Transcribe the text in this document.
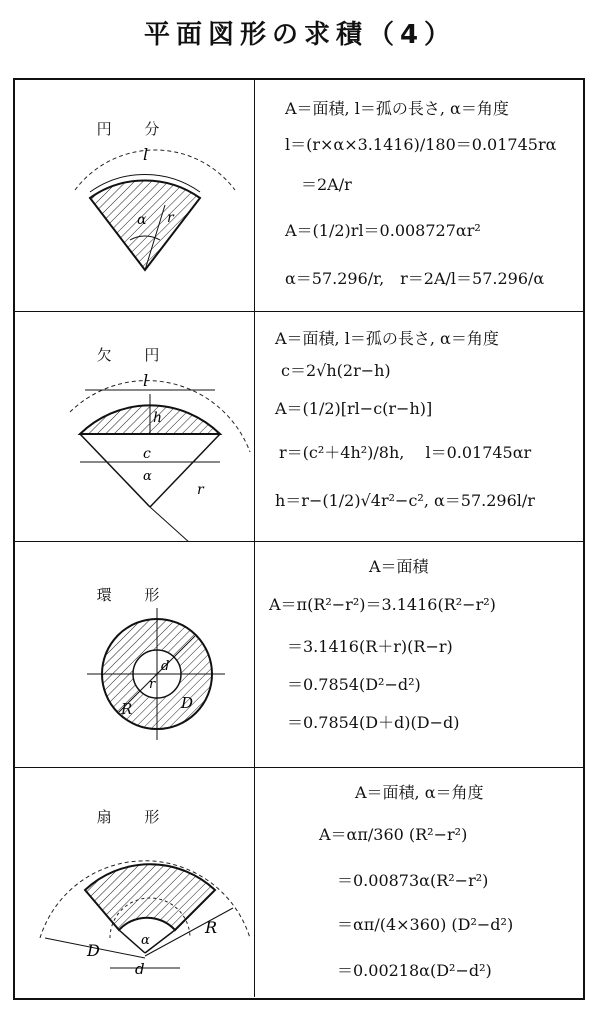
平面図形の求積（4）
円 分
l
α r
A＝面積, l＝孤の長さ, α＝角度
l＝(r×α×3.1416)/180＝0.01745rα
＝2A/r
A＝(1/2)rl＝0.008727αr²
α＝57.296/r,　r＝2A/l＝57.296/α
欠 円
l
h
c
α
r
A＝面積, l＝孤の長さ, α＝角度
c＝2√h(2r−h)
A＝(1/2)[rl−c(r−h)]
r＝(c²＋4h²)/8h,　 l＝0.01745αr
h＝r−(1/2)√4r²−c², α＝57.296l/r
環 形
R
r
d
D
A＝面積
A＝π(R²−r²)＝3.1416(R²−r²)
＝3.1416(R＋r)(R−r)
＝0.7854(D²−d²)
＝0.7854(D＋d)(D−d)
扇 形
D
d
α
R
A＝面積, α＝角度
A＝απ/360 (R²−r²)
＝0.00873α(R²−r²)
＝απ/(4×360) (D²−d²)
＝0.00218α(D²−d²)
